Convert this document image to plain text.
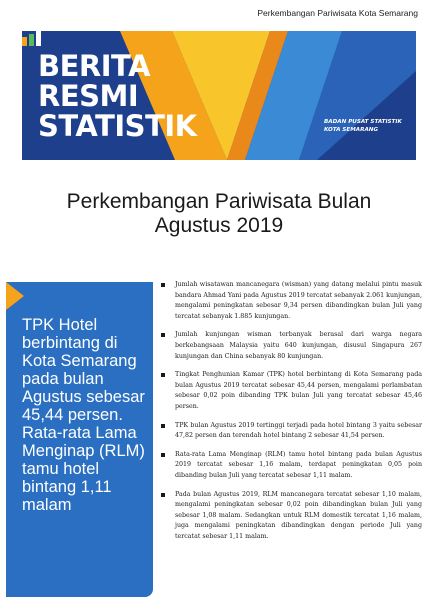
Perkembangan Pariwisata Kota Semarang
BERITA
RESMI
STATISTIK	BADAN PUSAT STATISTIK
KOTA SEMARANG
Perkembangan Pariwisata Bulan
Agustus 2019
TPK Hotel berbintang di Kota Semarang pada bulan Agustus sebesar 45,44 persen. Rata-rata Lama Menginap (RLM) tamu hotel bintang 1,11 malam
Jumlah wisatawan mancanegara (wisman) yang datang melalui pintu masuk bandara Ahmad Yani pada Agustus 2019 tercatat sebanyak 2.061 kunjungan, mengalami peningkatan sebesar 9,34 persen dibandingkan bulan Juli yang tercatat sebanyak 1.885 kunjungan.
Jumlah kunjungan wisman terbanyak berasal dari warga negara berkebangsaan Malaysia yaitu 640 kunjungan, disusul Singapura 267 kunjungan dan China sebanyak 80 kunjungan.
Tingkat Penghunian Kamar (TPK) hotel berbintang di Kota Semarang pada bulan Agustus 2019 tercatat sebesar 45,44 persen, mengalami perlambatan sebesar 0,02 poin dibanding TPK bulan Juli yang tercatat sebesar 45,46 persen.
TPK bulan Agustus 2019 tertinggi terjadi pada hotel bintang 3 yaitu sebesar 47,82 persen dan terendah hotel bintang 2 sebesar 41,54 persen.
Rata-rata Lama Menginap (RLM) tamu hotel bintang pada bulan Agustus 2019 tercatat sebesar 1,16 malam, terdapat peningkatan 0,05 poin dibanding bulan Juli yang tercatat sebesar 1,11 malam.
Pada bulan Agustus 2019, RLM mancanegara tercatat sebesar 1,10 malam, mengalami peningkatan sebesar 0,02 poin dibandingkan bulan Juli yang sebesar 1,08 malam. Sedangkan untuk RLM domestik tercatat 1,16 malam, juga mengalami peningkatan dibandingkan dengan periode Juli yang tercatat sebesar 1,11 malam.
